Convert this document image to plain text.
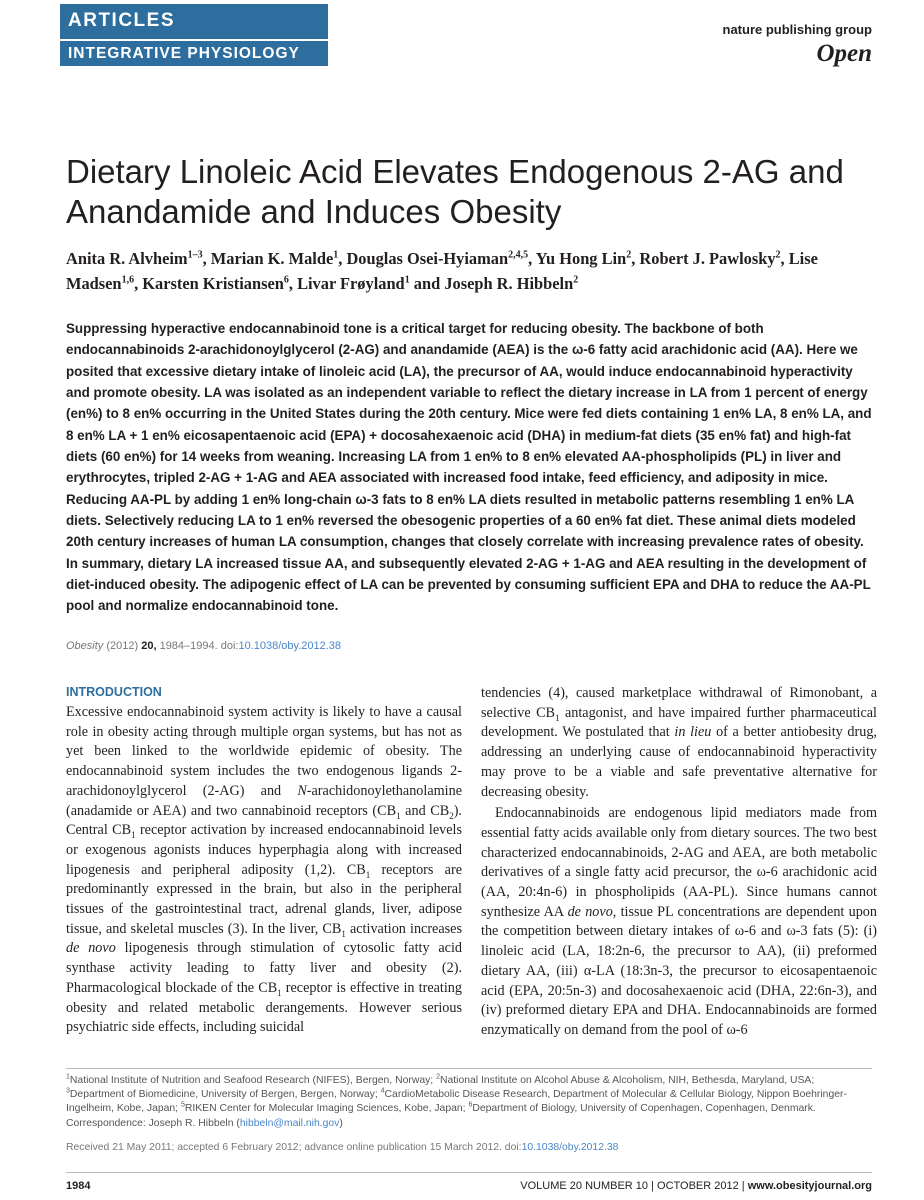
ARTICLES

INTEGRATIVE PHYSIOLOGY

nature publishing group
Open
Dietary Linoleic Acid Elevates Endogenous 2-AG and Anandamide and Induces Obesity

Anita R. Alvheim$^{1-3}$, Marian K. Malde$^1$, Douglas Osei-Hyiaman$^{2,4,5}$, Yu Hong Lin$^2$, Robert J. Pawlosky$^2$, Lise Madsen$^{1,6}$, Karsten Kristiansen$^6$, Livar Frøyland$^1$ and Joseph R. Hibbeln$^2$

Suppressing hyperactive endocannabinoid tone is a critical target for reducing obesity. The backbone of both endocannabinoids 2-arachidonoylglycerol (2-AG) and anandamide (AEA) is the ω-6 fatty acid arachidonic acid (AA). Here we posited that excessive dietary intake of linoleic acid (LA), the precursor of AA, would induce endocannabinoid hyperactivity and promote obesity. LA was isolated as an independent variable to reflect the dietary increase in LA from 1 percent of energy (en%) to 8 en% occurring in the United States during the 20th century. Mice were fed diets containing 1 en% LA, 8 en% LA, and 8 en% LA + 1 en% eicosapentaenoic acid (EPA) + docosahexaenoic acid (DHA) in medium-fat diets (35 en% fat) and high-fat diets (60 en%) for 14 weeks from weaning. Increasing LA from 1 en% to 8 en% elevated AA-phospholipids (PL) in liver and erythrocytes, tripled 2-AG + 1-AG and AEA associated with increased food intake, feed efficiency, and adiposity in mice. Reducing AA-PL by adding 1 en% long-chain ω-3 fats to 8 en% LA diets resulted in metabolic patterns resembling 1 en% LA diets. Selectively reducing LA to 1 en% reversed the obesogenic properties of a 60 en% fat diet. These animal diets modeled 20th century increases of human LA consumption, changes that closely correlate with increasing prevalence rates of obesity. In summary, dietary LA increased tissue AA, and subsequently elevated 2-AG + 1-AG and AEA resulting in the development of diet-induced obesity. The adipogenic effect of LA can be prevented by consuming sufficient EPA and DHA to reduce the AA-PL pool and normalize endocannabinoid tone.

Obesity (2012) 20, 1984–1994. doi:10.1038/oby.2012.38

INTRODUCTION

Excessive endocannabinoid system activity is likely to have a causal role in obesity acting through multiple organ systems, but has not as yet been linked to the worldwide epidemic of obesity. The endocannabinoid system includes the two endogenous ligands 2-arachidonoylglycerol (2-AG) and N-arachidonoylethanolamine (anadamide or AEA) and two cannabinoid receptors ($CB_1$ and $CB_2$). Central $CB_1$ receptor activation by increased endocannabinoid levels or exogenous agonists induces hyperphagia along with increased lipogenesis and peripheral adiposity (1,2). $CB_1$ receptors are predominantly expressed in the brain, but also in the peripheral tissues of the gastrointestinal tract, adrenal glands, liver, adipose tissue, and skeletal muscles (3). In the liver, $CB_1$ activation increases de novo lipogenesis through stimulation of cytosolic fatty acid synthase activity leading to fatty liver and obesity (2). Pharmacological blockade of the $CB_1$ receptor is effective in treating obesity and related metabolic derangements. However serious psychiatric side effects, including suicidal

tendencies (4), caused marketplace withdrawal of Rimonobant, a selective $CB_1$ antagonist, and have impaired further pharmaceutical development. We postulated that in lieu of a better antiobesity drug, addressing an underlying cause of endocannabinoid hyperactivity may prove to be a viable and safe preventative alternative for decreasing obesity.

Endocannabinoids are endogenous lipid mediators made from essential fatty acids available only from dietary sources. The two best characterized endocannabinoids, 2-AG and AEA, are both metabolic derivatives of a single fatty acid precursor, the ω-6 arachidonic acid (AA, 20:4n-6) in phospholipids (AA-PL). Since humans cannot synthesize AA de novo, tissue PL concentrations are dependent upon the competition between dietary intakes of ω-6 and ω-3 fats (5): (i) linoleic acid (LA, 18:2n-6, the precursor to AA), (ii) preformed dietary AA, (iii) α-LA (18:3n-3, the precursor to eicosapentaenoic acid (EPA, 20:5n-3) and docosahexaenoic acid (DHA, 22:6n-3), and (iv) preformed dietary EPA and DHA. Endocannabinoids are formed enzymatically on demand from the pool of ω-6

$^1$National Institute of Nutrition and Seafood Research (NIFES), Bergen, Norway; $^2$National Institute on Alcohol Abuse & Alcoholism, NIH, Bethesda, Maryland, USA; $^3$Department of Biomedicine, University of Bergen, Bergen, Norway; $^4$CardioMetabolic Disease Research, Department of Molecular & Cellular Biology, Nippon Boehringer-Ingelheim, Kobe, Japan; $^5$RIKEN Center for Molecular Imaging Sciences, Kobe, Japan; $^6$Department of Biology, University of Copenhagen, Copenhagen, Denmark. Correspondence: Joseph R. Hibbeln (hibbeln@mail.nih.gov)

Received 21 May 2011; accepted 6 February 2012; advance online publication 15 March 2012. doi:10.1038/oby.2012.38

1984	VOLUME 20 NUMBER 10 | OCTOBER 2012 | www.obesityjournal.org
